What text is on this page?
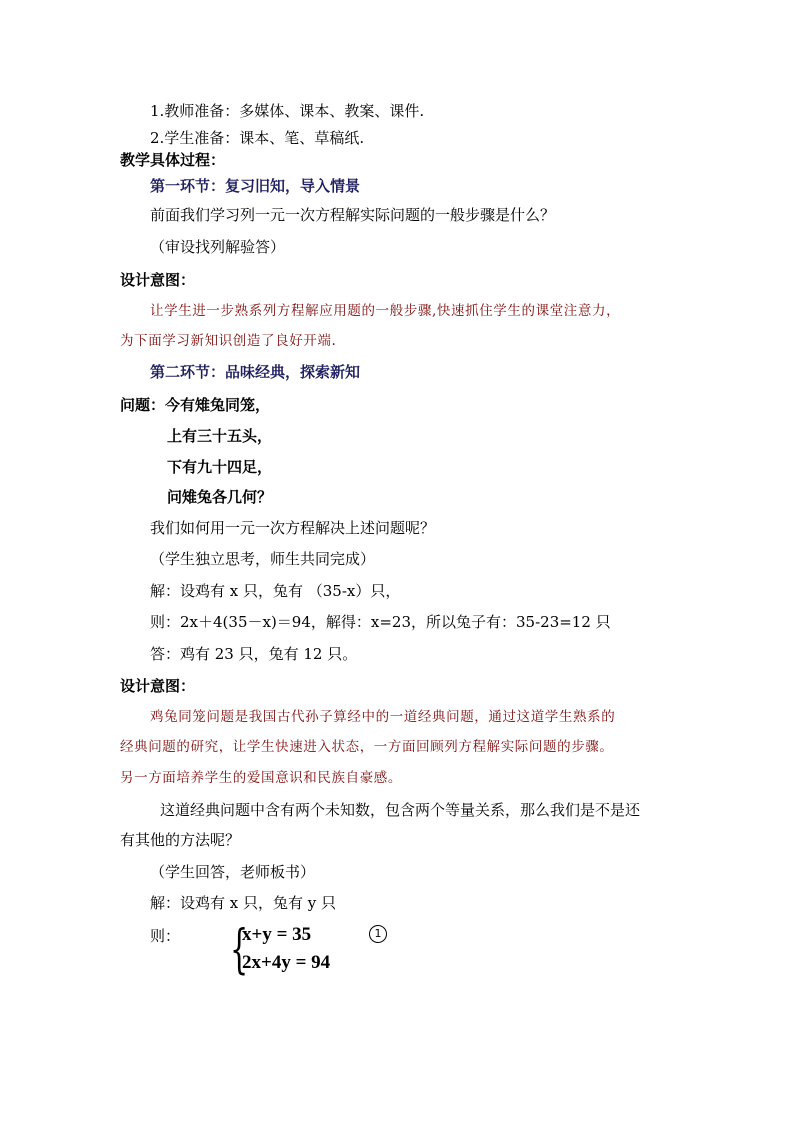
1.教师准备：多媒体、课本、教案、课件.
2.学生准备：课本、笔、草稿纸.
教学具体过程：
第一环节：复习旧知，导入情景
前面我们学习列一元一次方程解实际问题的一般步骤是什么？
（审设找列解验答）
设计意图：
让学生进一步熟系列方程解应用题的一般步骤,快速抓住学生的课堂注意力，
为下面学习新知识创造了良好开端.
第二环节：品味经典，探索新知
问题：今有雉兔同笼，
上有三十五头，
下有九十四足，
问雉兔各几何？
我们如何用一元一次方程解决上述问题呢？
（学生独立思考，师生共同完成）
解：设鸡有 x 只，兔有 （35-x）只，
则：2x＋4(35－x)＝94，解得：x=23，所以兔子有：35-23=12 只
答：鸡有 23 只，兔有 12 只。
设计意图：
鸡兔同笼问题是我国古代孙子算经中的一道经典问题，通过这道学生熟系的
经典问题的研究，让学生快速进入状态，一方面回顾列方程解实际问题的步骤。
另一方面培养学生的爱国意识和民族自豪感。
这道经典问题中含有两个未知数，包含两个等量关系，那么我们是不是还
有其他的方法呢？
（学生回答，老师板书）
解：设鸡有 x 只，兔有 y 只
则： {
x+y = 35
2x+4y = 94
1
